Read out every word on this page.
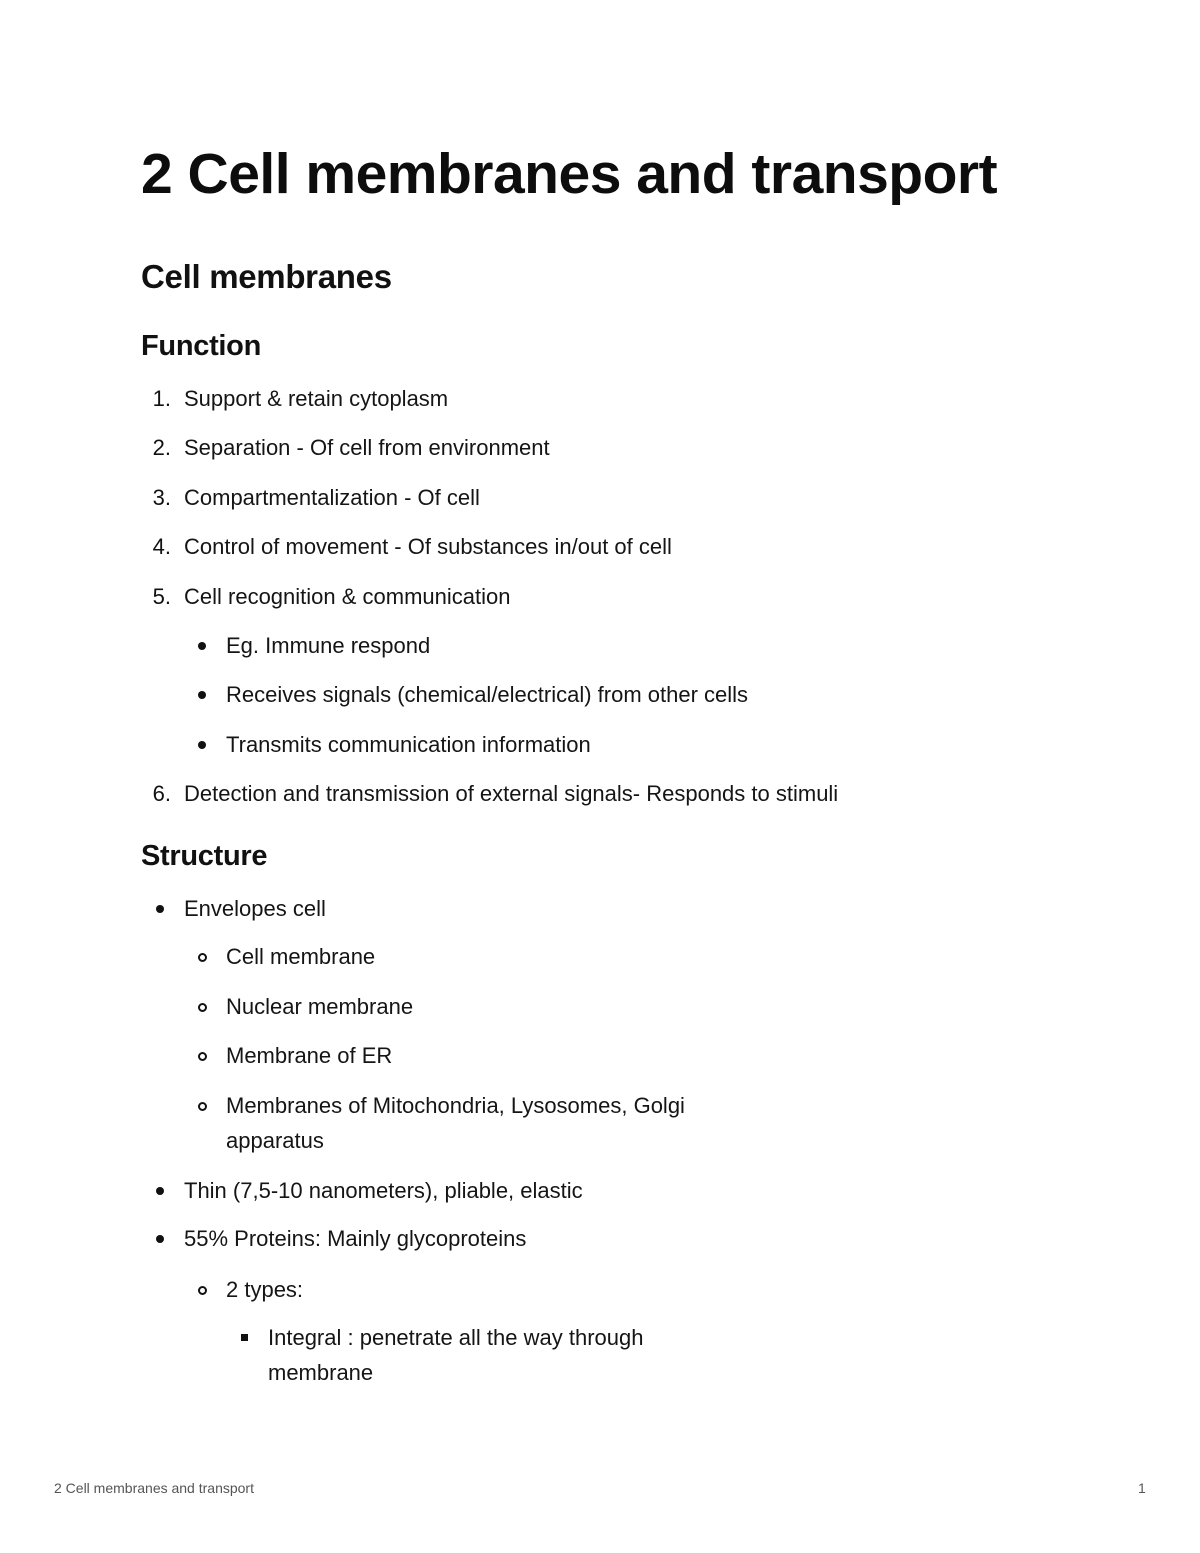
2 Cell membranes and transport
Cell membranes
Function
1. Support & retain cytoplasm
2. Separation - Of cell from environment
3. Compartmentalization - Of cell
4. Control of movement - Of substances in/out of cell
5. Cell recognition & communication
Eg. Immune respond
Receives signals (chemical/electrical) from other cells
Transmits communication information
6. Detection and transmission of external signals- Responds to stimuli
Structure
Envelopes cell
Cell membrane
Nuclear membrane
Membrane of ER
Membranes of Mitochondria, Lysosomes, Golgi
apparatus
Thin (7,5-10 nanometers), pliable, elastic
55% Proteins: Mainly glycoproteins
2 types:
Integral : penetrate all the way through
membrane
2 Cell membranes and transport	1
